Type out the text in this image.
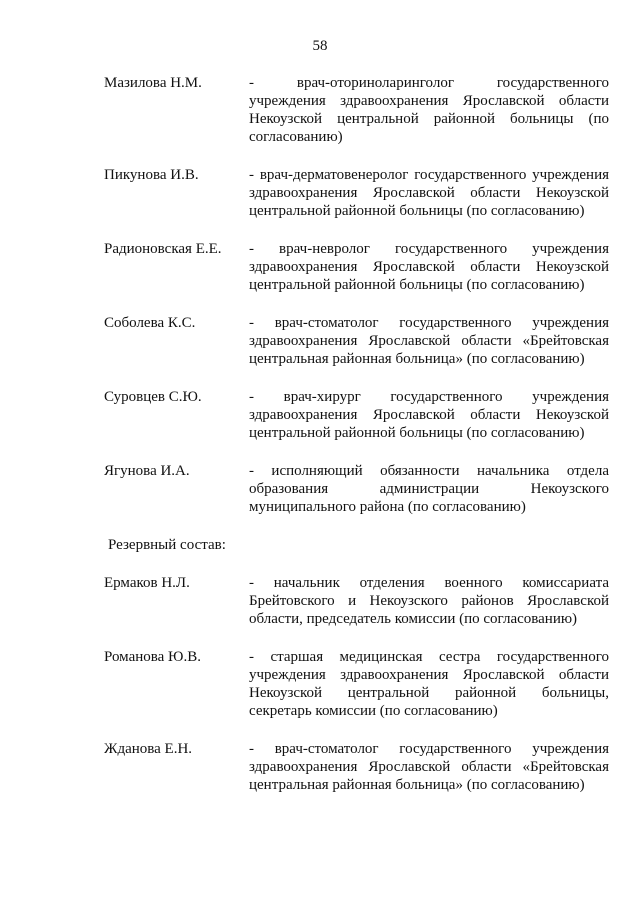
58
Мазилова Н.М.	- врач-оториноларинголог государственного учреждения здравоохранения Ярославской области Некоузской центральной районной больницы (по согласованию)
Пикунова И.В.	- врач-дерматовенеролог государственного учреждения здравоохранения Ярославской области Некоузской центральной районной больницы (по согласованию)
Радионовская Е.Е.	- врач-невролог государственного учреждения здравоохранения Ярославской области Некоузской центральной районной больницы (по согласованию)
Соболева К.С.	- врач-стоматолог государственного учреждения здравоохранения Ярославской области «Брейтовская центральная районная больница» (по согласованию)
Суровцев С.Ю.	- врач-хирург государственного учреждения здравоохранения Ярославской области Некоузской центральной районной больницы (по согласованию)
Ягунова И.А.	- исполняющий обязанности начальника отдела образования администрации Некоузского муниципального района (по согласованию)
Резервный состав:
Ермаков Н.Л.	- начальник отделения военного комиссариата Брейтовского и Некоузского районов Ярославской области, председатель комиссии (по согласованию)
Романова Ю.В.	- старшая медицинская сестра государственного учреждения здравоохранения Ярославской области Некоузской центральной районной больницы, секретарь комиссии (по согласованию)
Жданова Е.Н.	- врач-стоматолог государственного учреждения здравоохранения Ярославской области «Брейтовская центральная районная больница» (по согласованию)
